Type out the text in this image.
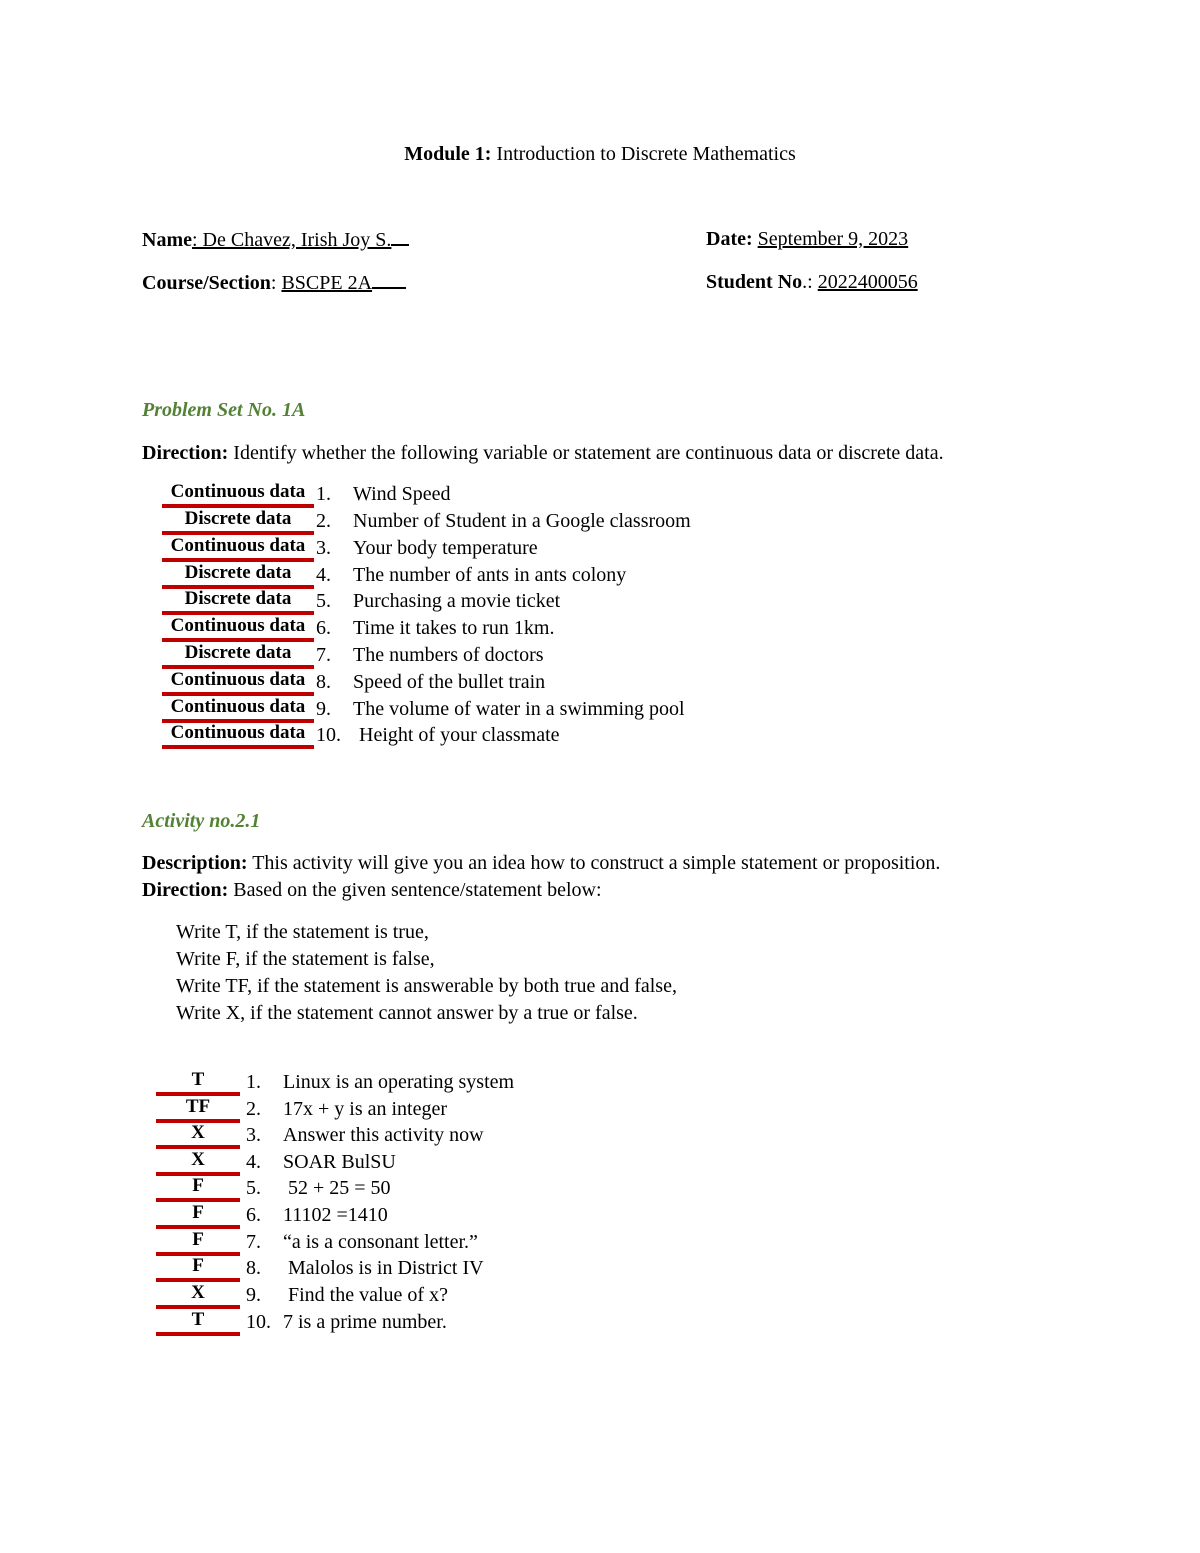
Module 1: Introduction to Discrete Mathematics
Name: De Chavez, Irish Joy S.	Date: September 9, 2023
Course/Section: BSCPE 2A	Student No.: 2022400056
Problem Set No. 1A
Direction: Identify whether the following variable or statement are continuous data or discrete data.
Continuous data 1. Wind Speed
Discrete data	2. Number of Student in a Google classroom
Continuous data 3. Your body temperature
Discrete data	4. The number of ants in ants colony
Discrete data	5. Purchasing a movie ticket
Continuous data 6. Time it takes to run 1km.
Discrete data	7. The numbers of doctors
Continuous data 8. Speed of the bullet train
Continuous data 9. The volume of water in a swimming pool
Continuous data 10. Height of your classmate
Activity no.2.1
Description: This activity will give you an idea how to construct a simple statement or proposition.
Direction: Based on the given sentence/statement below:
Write T, if the statement is true,
Write F, if the statement is false,
Write TF, if the statement is answerable by both true and false,
Write X, if the statement cannot answer by a true or false.
T	1. Linux is an operating system
TF	2. 17x + y is an integer
X	3. Answer this activity now
X	4. SOAR BulSU
F	5. 52 + 25 = 50
F	6. 11102 =1410
F	7. “a is a consonant letter.”
F	8. Malolos is in District IV
X	9. Find the value of x?
T	10. 7 is a prime number.
